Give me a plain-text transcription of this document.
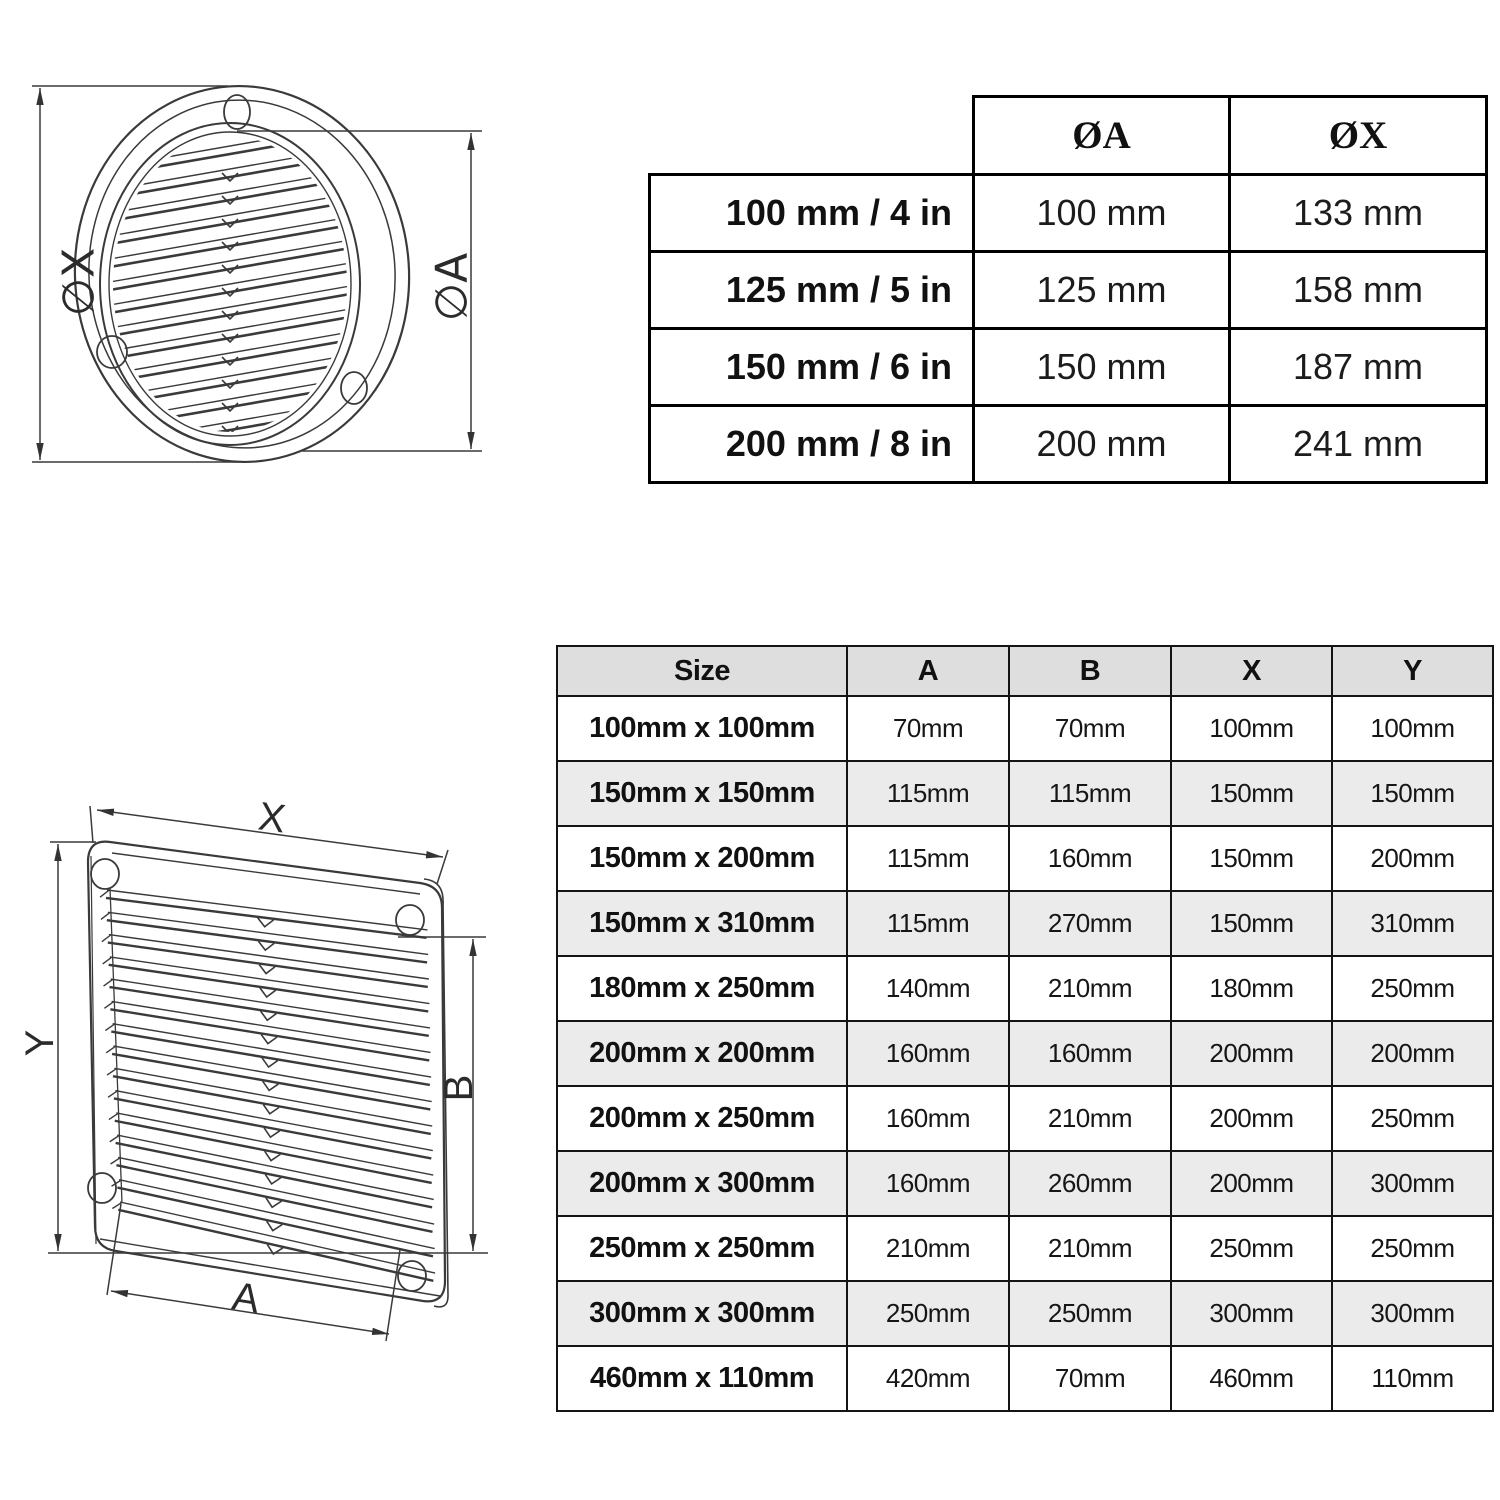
∅X	∅A
X
Y
B
A
	ØA	ØX
100 mm / 4 in	100 mm	133 mm
125 mm / 5 in	125 mm	158 mm
150 mm / 6 in	150 mm	187 mm
200 mm / 8 in	200 mm	241 mm
Size	A	B	X	Y
100mm x 100mm	70mm	70mm	100mm	100mm
150mm x 150mm	115mm	115mm	150mm	150mm
150mm x 200mm	115mm	160mm	150mm	200mm
150mm x 310mm	115mm	270mm	150mm	310mm
180mm x 250mm	140mm	210mm	180mm	250mm
200mm x 200mm	160mm	160mm	200mm	200mm
200mm x 250mm	160mm	210mm	200mm	250mm
200mm x 300mm	160mm	260mm	200mm	300mm
250mm x 250mm	210mm	210mm	250mm	250mm
300mm x 300mm	250mm	250mm	300mm	300mm
460mm x 110mm	420mm	70mm	460mm	110mm
